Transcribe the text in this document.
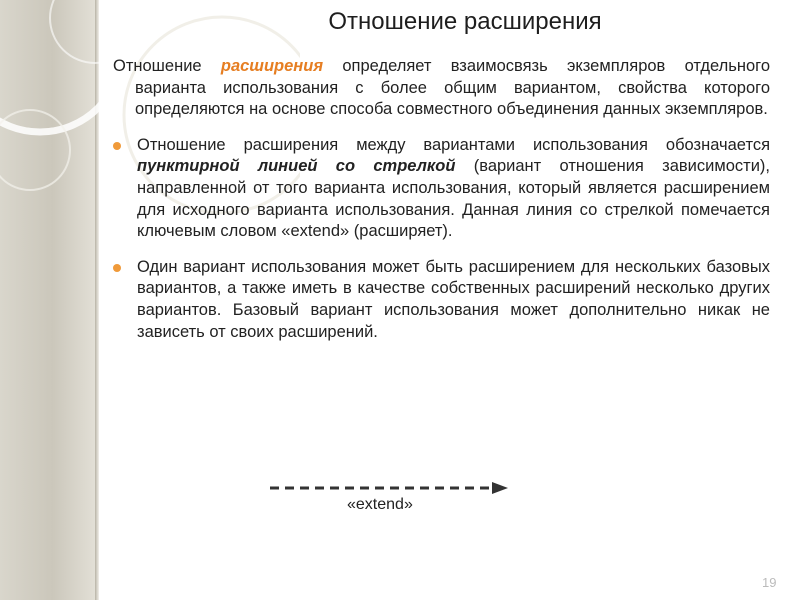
Отношение расширения

Отношение расширения определяет взаимосвязь экземпляров отдельного варианта использования с более общим вариантом, свойства которого определяются на основе способа совместного объединения данных экземпляров.

Отношение расширения между вариантами использования обозначается пунктирной линией со стрелкой (вариант отношения зависимости), направленной от того варианта использования, который является расширением для исходного варианта использования. Данная линия со стрелкой помечается ключевым словом «extend» (расширяет).

Один вариант использования может быть расширением для нескольких базовых вариантов, а также иметь в качестве собственных расширений несколько других вариантов. Базовый вариант использования может дополнительно никак не зависеть от своих расширений.

«extend»
19
